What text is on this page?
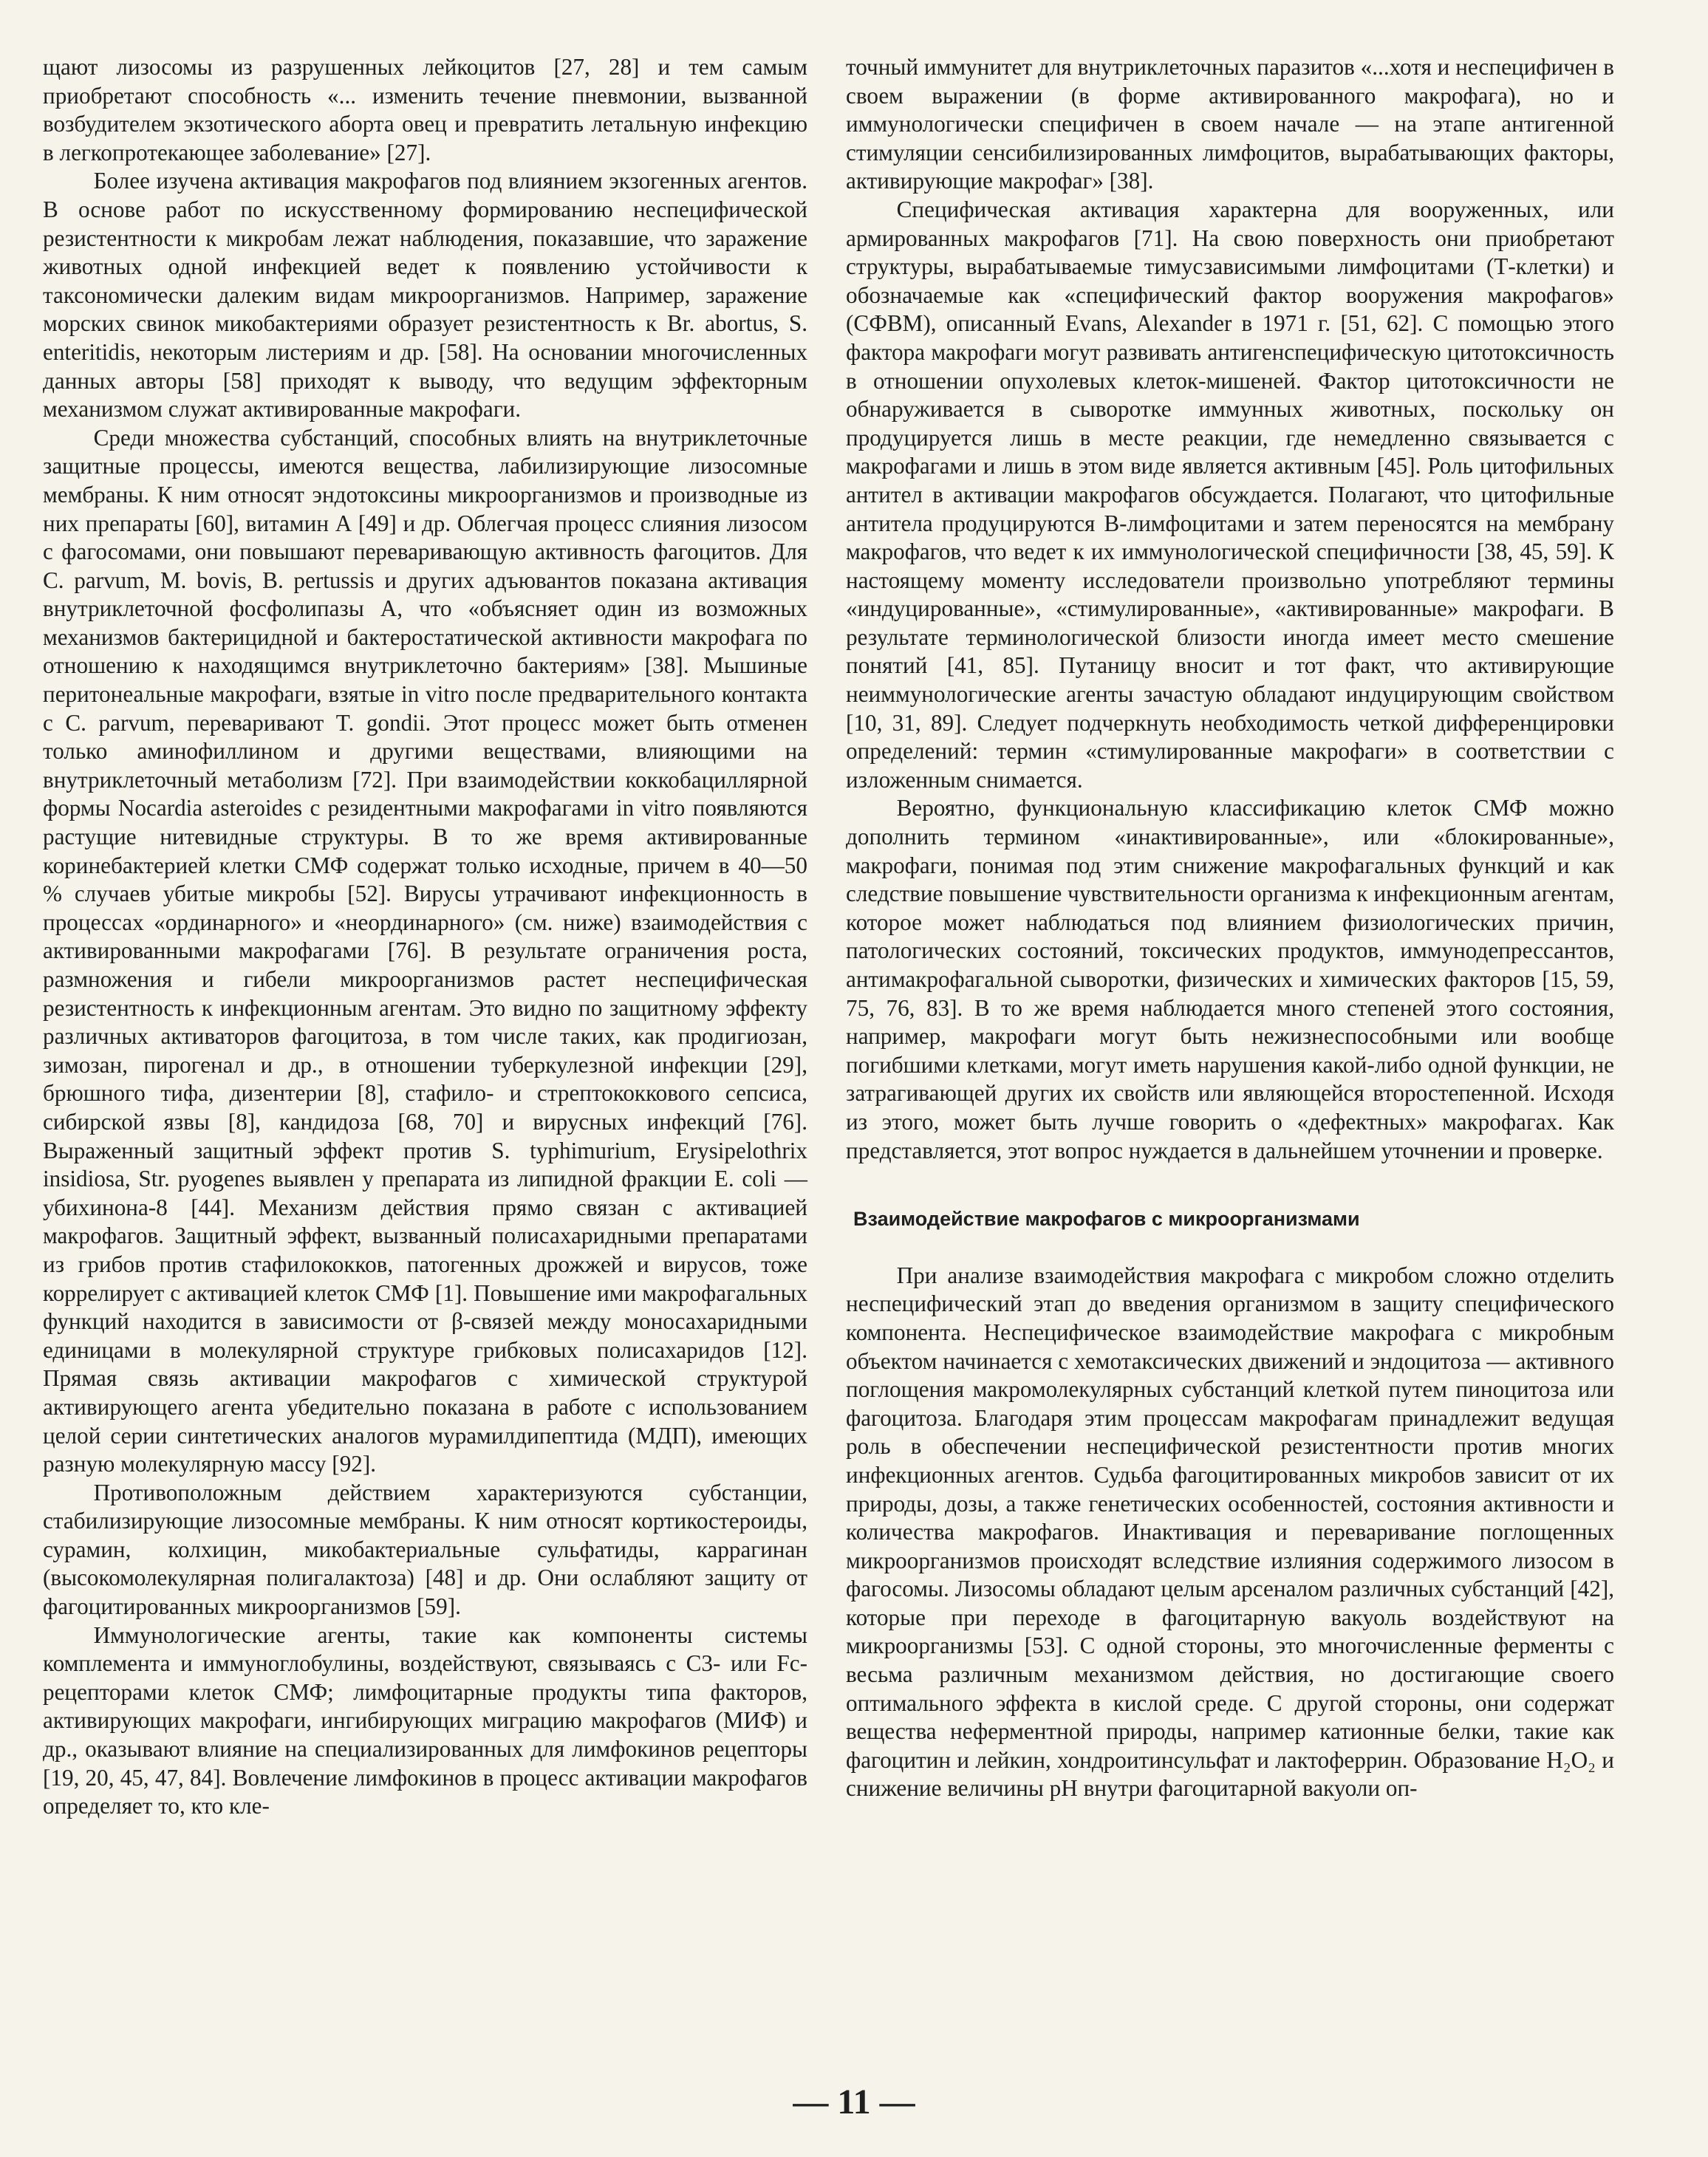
щают лизосомы из разрушенных лейкоцитов [27, 28] и тем самым приобретают способность «... изменить течение пневмонии, вызванной возбудителем экзотического аборта овец и превратить летальную инфекцию в легкопротекающее заболевание» [27].

Более изучена активация макрофагов под влиянием экзогенных агентов. В основе работ по искусственному формированию неспецифической резистентности к микробам лежат наблюдения, показавшие, что заражение животных одной инфекцией ведет к появлению устойчивости к таксономически далеким видам микроорганизмов. Например, заражение морских свинок микобактериями образует резистентность к Br. abortus, S. enteritidis, некоторым листериям и др. [58]. На основании многочисленных данных авторы [58] приходят к выводу, что ведущим эффекторным механизмом служат активированные макрофаги.

Среди множества субстанций, способных влиять на внутриклеточные защитные процессы, имеются вещества, лабилизирующие лизосомные мембраны. К ним относят эндотоксины микроорганизмов и производные из них препараты [60], витамин А [49] и др. Облегчая процесс слияния лизосом с фагосомами, они повышают переваривающую активность фагоцитов. Для С. parvum, M. bovis, B. pertussis и других адъювантов показана активация внутриклеточной фосфолипазы А, что «объясняет один из возможных механизмов бактерицидной и бактеростатической активности макрофага по отношению к находящимся внутриклеточно бактериям» [38]. Мышиные перитонеальные макрофаги, взятые in vitro после предварительного контакта с С. parvum, переваривают T. gondii. Этот процесс может быть отменен только аминофиллином и другими веществами, влияющими на внутриклеточный метаболизм [72]. При взаимодействии коккобациллярной формы Nocardia asteroides с резидентными макрофагами in vitro появляются растущие нитевидные структуры. В то же время активированные коринебактерией клетки СМФ содержат только исходные, причем в 40—50 % случаев убитые микробы [52]. Вирусы утрачивают инфекционность в процессах «ординарного» и «неординарного» (см. ниже) взаимодействия с активированными макрофагами [76]. В результате ограничения роста, размножения и гибели микроорганизмов растет неспецифическая резистентность к инфекционным агентам. Это видно по защитному эффекту различных активаторов фагоцитоза, в том числе таких, как продигиозан, зимозан, пирогенал и др., в отношении туберкулезной инфекции [29], брюшного тифа, дизентерии [8], стафило- и стрептококкового сепсиса, сибирской язвы [8], кандидоза [68, 70] и вирусных инфекций [76]. Выраженный защитный эффект против S. typhimurium, Erysipelothrix insidiosa, Str. pyogenes выявлен у препарата из липидной фракции E. coli — убихинона-8 [44]. Механизм действия прямо связан с активацией макрофагов. Защитный эффект, вызванный полисахаридными препаратами из грибов против стафилококков, патогенных дрожжей и вирусов, тоже коррелирует с активацией клеток СМФ [1]. Повышение ими макрофагальных функций находится в зависимости от β-связей между моносахаридными единицами в молекулярной структуре грибковых полисахаридов [12]. Прямая связь активации макрофагов с химической структурой активирующего агента убедительно показана в работе с использованием целой серии синтетических аналогов мурамилдипептида (МДП), имеющих разную молекулярную массу [92].

Противоположным действием характеризуются субстанции, стабилизирующие лизосомные мембраны. К ним относят кортикостероиды, сурамин, колхицин, микобактериальные сульфатиды, каррагинан (высокомолекулярная полигалактоза) [48] и др. Они ослабляют защиту от фагоцитированных микроорганизмов [59].

Иммунологические агенты, такие как компоненты системы комплемента и иммуноглобулины, воздействуют, связываясь с С3- или Fc-рецепторами клеток СМФ; лимфоцитарные продукты типа факторов, активирующих макрофаги, ингибирующих миграцию макрофагов (МИФ) и др., оказывают влияние на специализированных для лимфокинов рецепторы [19, 20, 45, 47, 84]. Вовлечение лимфокинов в процесс активации макрофагов определяет то, кто кле-

точный иммунитет для внутриклеточных паразитов «...хотя и неспецифичен в своем выражении (в форме активированного макрофага), но и иммунологически специфичен в своем начале — на этапе антигенной стимуляции сенсибилизированных лимфоцитов, вырабатывающих факторы, активирующие макрофаг» [38].

Специфическая активация характерна для вооруженных, или армированных макрофагов [71]. На свою поверхность они приобретают структуры, вырабатываемые тимусзависимыми лимфоцитами (Т-клетки) и обозначаемые как «специфический фактор вооружения макрофагов» (СФВМ), описанный Evans, Alexander в 1971 г. [51, 62]. С помощью этого фактора макрофаги могут развивать антигенспецифическую цитотоксичность в отношении опухолевых клеток-мишеней. Фактор цитотоксичности не обнаруживается в сыворотке иммунных животных, поскольку он продуцируется лишь в месте реакции, где немедленно связывается с макрофагами и лишь в этом виде является активным [45]. Роль цитофильных антител в активации макрофагов обсуждается. Полагают, что цитофильные антитела продуцируются В-лимфоцитами и затем переносятся на мембрану макрофагов, что ведет к их иммунологической специфичности [38, 45, 59]. К настоящему моменту исследователи произвольно употребляют термины «индуцированные», «стимулированные», «активированные» макрофаги. В результате терминологической близости иногда имеет место смешение понятий [41, 85]. Путаницу вносит и тот факт, что активирующие неиммунологические агенты зачастую обладают индуцирующим свойством [10, 31, 89]. Следует подчеркнуть необходимость четкой дифференцировки определений: термин «стимулированные макрофаги» в соответствии с изложенным снимается.

Вероятно, функциональную классификацию клеток СМФ можно дополнить термином «инактивированные», или «блокированные», макрофаги, понимая под этим снижение макрофагальных функций и как следствие повышение чувствительности организма к инфекционным агентам, которое может наблюдаться под влиянием физиологических причин, патологических состояний, токсических продуктов, иммунодепрессантов, антимакрофагальной сыворотки, физических и химических факторов [15, 59, 75, 76, 83]. В то же время наблюдается много степеней этого состояния, например, макрофаги могут быть нежизнеспособными или вообще погибшими клетками, могут иметь нарушения какой-либо одной функции, не затрагивающей других их свойств или являющейся второстепенной. Исходя из этого, может быть лучше говорить о «дефектных» макрофагах. Как представляется, этот вопрос нуждается в дальнейшем уточнении и проверке.

Взаимодействие макрофагов с микроорганизмами

При анализе взаимодействия макрофага с микробом сложно отделить неспецифический этап до введения организмом в защиту специфического компонента. Неспецифическое взаимодействие макрофага с микробным объектом начинается с хемотаксических движений и эндоцитоза — активного поглощения макромолекулярных субстанций клеткой путем пиноцитоза или фагоцитоза. Благодаря этим процессам макрофагам принадлежит ведущая роль в обеспечении неспецифической резистентности против многих инфекционных агентов. Судьба фагоцитированных микробов зависит от их природы, дозы, а также генетических особенностей, состояния активности и количества макрофагов. Инактивация и переваривание поглощенных микроорганизмов происходят вследствие излияния содержимого лизосом в фагосомы. Лизосомы обладают целым арсеналом различных субстанций [42], которые при переходе в фагоцитарную вакуоль воздействуют на микроорганизмы [53]. С одной стороны, это многочисленные ферменты с весьма различным механизмом действия, но достигающие своего оптимального эффекта в кислой среде. С другой стороны, они содержат вещества неферментной природы, например катионные белки, такие как фагоцитин и лейкин, хондроитинсульфат и лактоферрин. Образование H₂O₂ и снижение величины pH внутри фагоцитарной вакуоли оп-

— 11 —
